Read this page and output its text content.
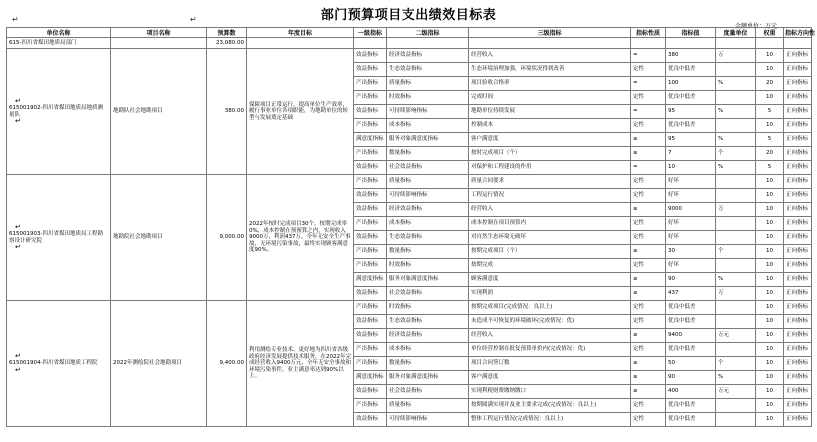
部门预算项目支出绩效目标表
↵	↵
金额单位：万元
单位名称	项目名称	预算数	年度目标	一级指标	二级指标	三级指标	指标性质	指标值	度量单位	权重	指标方向性
615-四川省煤田地质局部门		23,080.00									

↵
615001902-四川省煤田地质局地质测量队
↵	地勘队社会地勘项目	380.00	保障项目正常运行，提高单位生产效率，履行事业单位各项职能，为地勘单位的转型与发展奠定基础	效益指标	经济效益指标	经营收入	=	380	万	10	正向指标
				效益指标	生态效益指标	生态环境治理加强，环境状况得到改善	定性	优良中低差		10	正向指标
				产出指标	质量指标	项目验收合格率	=	100	%	20	正向指标
				产出指标	时效指标	完成时间	定性	优良中低差		10	正向指标
				效益指标	可持续影响指标	地勘单位持续发展	=	95	%	5	正向指标
				产出指标	成本指标	控制成本	定性	优良中低差		10	正向指标
				满意度指标	服务对象满意度指标	客户满意度	≥	95	%	5	正向指标
				产出指标	数量指标	按时完成项目（个）	≥	7	个	20	正向指标
				效益指标	社会效益指标	对保护和工程建设的作用	=	10	%	5	正向指标

↵
615001903-四川省煤田地质局工程勘察设计研究院
↵	地勘院社会地勘项目	9,000.00	2022年按时完成项目30个，按期完成率0%，成本控制在预预算之内，实现收入9000万，利润437万，全年无安全生产事故，无环境污染事故，最终实现顾客满意度90%。	产出指标	质量指标	质量合同要求	定性	好坏		10	正向指标
				效益指标	可持续影响指标	工程运行情况	定性	好坏		10	正向指标
				效益指标	经济效益指标	经营收入	≥	9000	万	10	正向指标
				产出指标	成本指标	成本控制在项目预算内	定性	好坏		10	正向指标
				效益指标	生态效益指标	对自然生态环境无破坏	定性	好坏		10	正向指标
				产出指标	数量指标	按期完成项目（个）	≥	30	个	10	正向指标
				产出指标	时效指标	按期完成	定性	好坏		10	正向指标
				满意度指标	服务对象满意度指标	顾客满意度	≥	90	%	10	正向指标
				效益指标	社会效益指标	实现利润	≥	437	万	10	正向指标

↵
615001904-四川省煤田地质工程院
↵	2022年测绘院社会地勘项目	9,400.00	利用测绘专业技术、更好地为四川省各级政府经济发展提供技术服务，在2022年完成经营收入9400万元，全年无安全事故和环境污染事件，业主满意率达到90%以上。	产出指标	时效指标	按期完成项目(完成情况：良以上)	定性	优良中低差		10	正向指标
				效益指标	生态效益指标	未造成不可恢复的环境破坏(完成情况：优)	定性	优良中低差		10	正向指标
				效益指标	经济效益指标	经营收入	≥	9400	万元	10	正向指标
				产出指标	成本指标	单位经营控制在批复预算单价内(完成情况：优)	定性	优良中低差		10	正向指标
				产出指标	数量指标	项目合同签订数	≥	50	个	10	正向指标
				满意度指标	服务对象满意度指标	客户满意度	≥	90	%	10	正向指标
				效益指标	社会效益指标	实现利税财费缴纳缴口	≥	400	万元	10	正向指标
				产出指标	质量指标	按期圆满实现并及业主要求完成(完成情况：良以上)	定性	优良中低差		10	正向指标
				效益指标	可持续影响指标	整体工程运行情况(完成情况：良以上)	定性	优良中低差		10	正向指标
